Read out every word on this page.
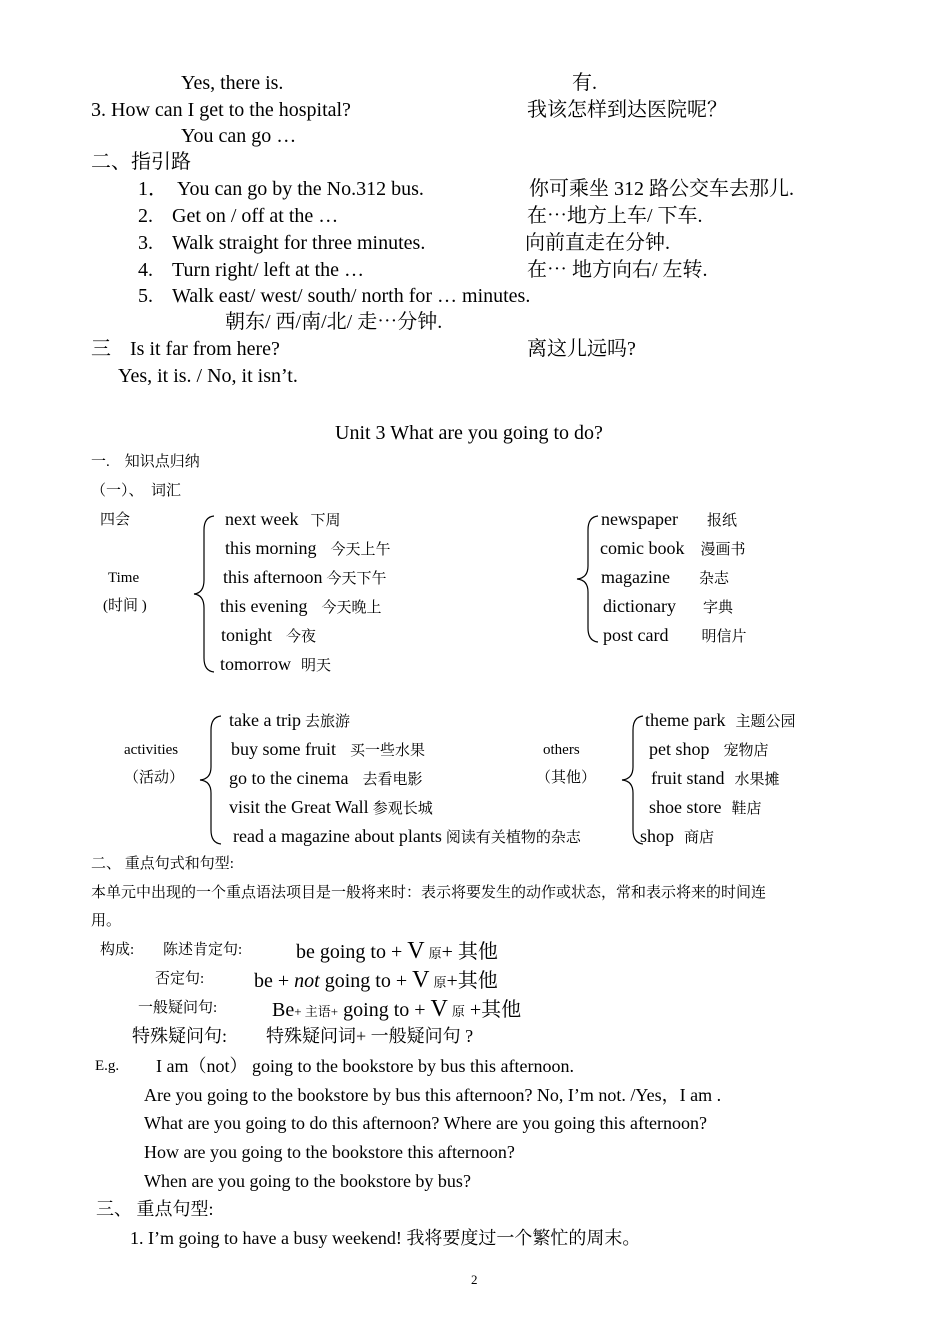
Yes, there is.	有.
3. How can I get to the hospital?	我该怎样到达医院呢？
You can go …
二、指引路
1． You can go by the No.312 bus.	你可乘坐 312 路公交车去那儿.
2. Get on / off at the …	在⋯地方上车/ 下车.
3. Walk straight for three minutes.	向前直走在分钟.
4. Turn right/ left at the …	在⋯ 地方向右/ 左转.
5. Walk east/ west/ south/ north for … minutes.
朝东/ 西/南/北/ 走⋯分钟.
三 Is it far from here?	离这儿远吗?
Yes, it is. / No, it isn’t.
Unit 3 What are you going to do?
一.　知识点归纳
（一）、　词汇
四会
Time
(时间 )
next week 下周
this morning 今天上午
this afternoon 今天下午
this evening 今天晚上
tonight 今夜
tomorrow 明天
newspaper 报纸
comic book 漫画书
magazine 杂志
dictionary 字典
post card 明信片
activities
（活动）
take a trip 去旅游
buy some fruit 买一些水果
go to the cinema 去看电影
visit the Great Wall 参观长城
read a magazine about plants 阅读有关植物的杂志
others
（其他）
theme park 主题公园
pet shop 宠物店
fruit stand 水果摊
shoe store 鞋店
shop 商店
二、 重点句式和句型:
本单元中出现的一个重点语法项目是一般将来时：表示将要发生的动作或状态，常和表示将来的时间连
用。
构成: 陈述肯定句:	be going to + V 原+ 其他
否定句: be + not going to + V 原+其他
一般疑问句:	Be+ 主语+ going to + V 原 +其他
特殊疑问句: 特殊疑问词+ 一般疑问句 ?
E.g. I am（not） going to the bookstore by bus this afternoon.
Are you going to the bookstore by bus this afternoon? No, I’m not. /Yes，I am .
What are you going to do this afternoon? Where are you going this afternoon?
How are you going to the bookstore this afternoon?
When are you going to the bookstore by bus?
三、 重点句型:
1. I’m going to have a busy weekend! 我将要度过一个繁忙的周末。
2
